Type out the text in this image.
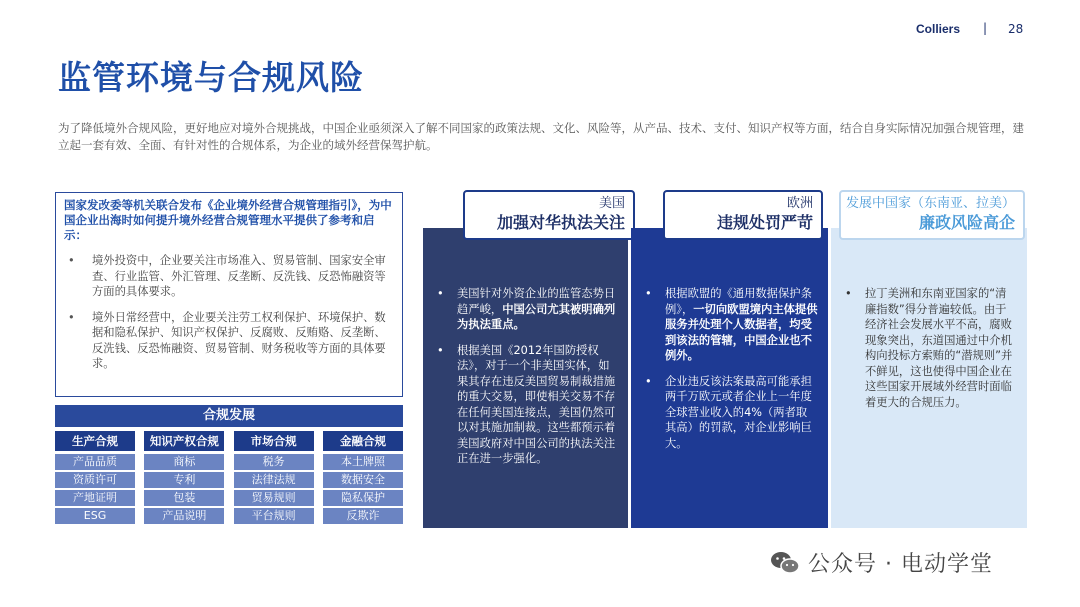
Colliers | 28
监管环境与合规风险

为了降低境外合规风险，更好地应对境外合规挑战，中国企业亟须深入了解不同国家的政策法规、文化、风险等，从产品、技术、支付、知识产权等方面，结合自身实际情况加强合规管理，建立起一套有效、全面、有针对性的合规体系，为企业的域外经营保驾护航。

国家发改委等机关联合发布《企业境外经营合规管理指引》，为中国企业出海时如何提升境外经营合规管理水平提供了参考和启示：
• 境外投资中，企业要关注市场准入、贸易管制、国家安全审查、行业监管、外汇管理、反垄断、反洗钱、反恐怖融资等方面的具体要求。
• 境外日常经营中，企业要关注劳工权利保护、环境保护、数据和隐私保护、知识产权保护、反腐败、反贿赂、反垄断、反洗钱、反恐怖融资、贸易管制、财务税收等方面的具体要求。
合规发展
生产合规
产品品质
资质许可
产地证明
ESG
知识产权合规
商标
专利
包装
产品说明
市场合规
税务
法律法规
贸易规则
平台规则
金融合规
本土牌照
数据安全
隐私保护
反欺诈
美国
加强对华执法关注
• 美国针对外资企业的监管态势日趋严峻，中国公司尤其被明确列为执法重点。
• 根据美国《2012年国防授权法》，对于一个非美国实体，如果其存在违反美国贸易制裁措施的重大交易，即使相关交易不存在任何美国连接点，美国仍然可以对其施加制裁。这些都预示着美国政府对中国公司的执法关注正在进一步强化。
欧洲
违规处罚严苛
• 根据欧盟的《通用数据保护条例》，一切向欧盟境内主体提供服务并处理个人数据者，均受到该法的管辖，中国企业也不例外。
• 企业违反该法案最高可能承担两千万欧元或者企业上一年度全球营业收入的4%（两者取其高）的罚款，对企业影响巨大。
发展中国家（东南亚、拉美）
廉政风险高企
• 拉丁美洲和东南亚国家的“清廉指数”得分普遍较低。由于经济社会发展水平不高，腐败现象突出，东道国通过中介机构向投标方索贿的“潜规则”并不鲜见，这也使得中国企业在这些国家开展域外经营时面临着更大的合规压力。
公众号 · 电动学堂
